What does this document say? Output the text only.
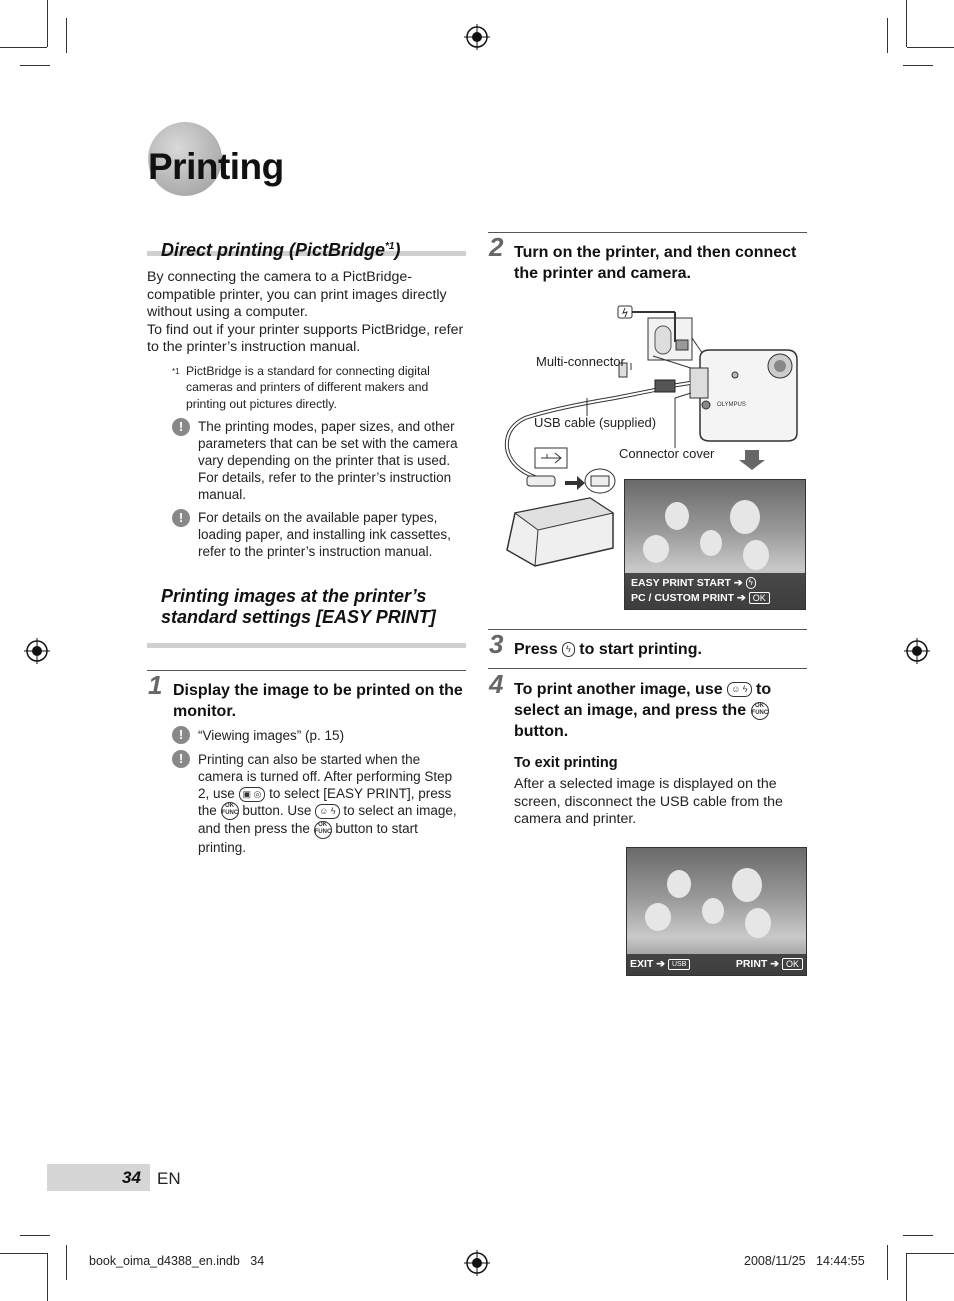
Printing
Direct printing (PictBridge$^{*1}$)
By connecting the camera to a PictBridge-compatible printer, you can print images directly without using a computer.
To find out if your printer supports PictBridge, refer to the printer’s instruction manual.
*1 PictBridge is a standard for connecting digital cameras and printers of different makers and printing out pictures directly.
!	The printing modes, paper sizes, and other parameters that can be set with the camera vary depending on the printer that is used. For details, refer to the printer’s instruction manual.
!	For details on the available paper types, loading paper, and installing ink cassettes, refer to the printer’s instruction manual.
Printing images at the printer’s standard settings [EASY PRINT]
1 Display the image to be printed on the monitor.
!	“Viewing images” (p. 15)
!	Printing can also be started when the camera is turned off. After performing Step 2, use ▣ ◎ to select [EASY PRINT], press the OK
FUNC button. Use ☺ ϟ to select an image, and then press the OK
FUNC button to start printing.
2 Turn on the printer, and then connect the printer and camera.
OLYMPUS
Multi-connector
USB cable (supplied)
Connector cover
EASY PRINT START ➔ ϟ
PC / CUSTOM PRINT ➔ OK
3 Press ϟ to start printing.
4 To print another image, use ☺ ϟ to select an image, and press the OK
FUNC button.
To exit printing
After a selected image is displayed on the screen, disconnect the USB cable from the camera and printer.
EXIT ➔ USB	PRINT ➔ OK
34 EN
book_oima_d4388_en.indb   34	2008/11/25   14:44:55
